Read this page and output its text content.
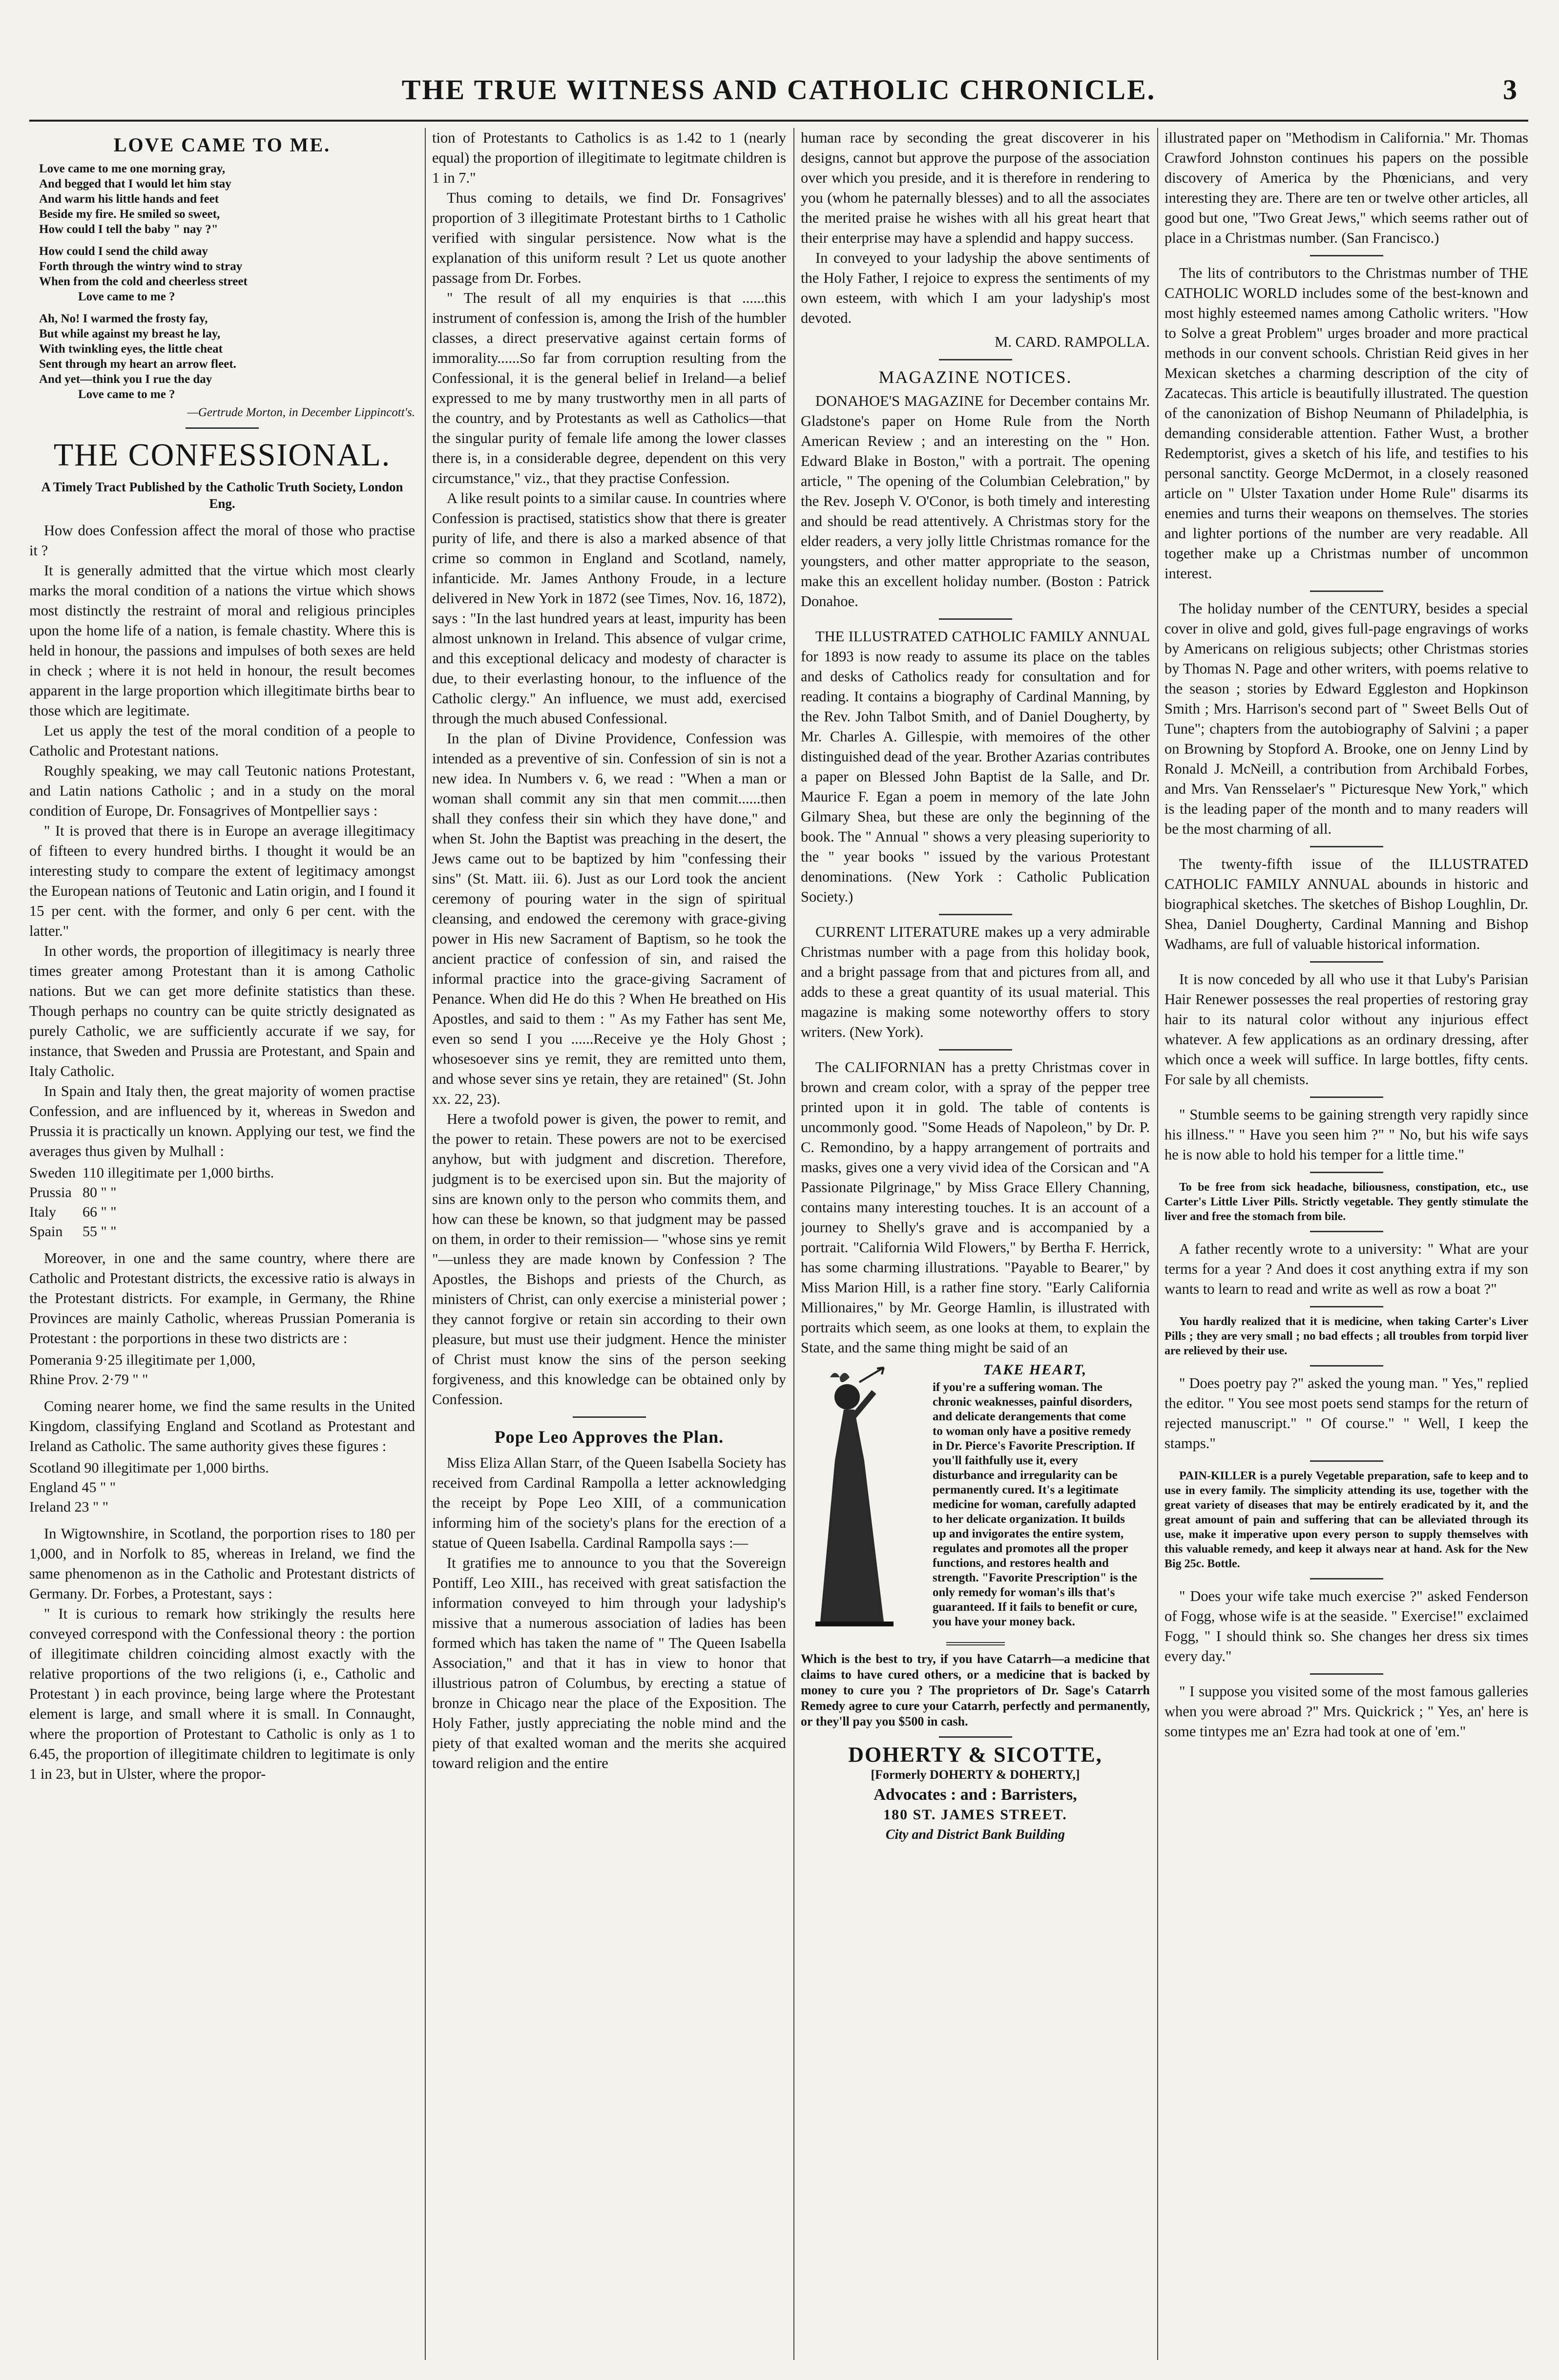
THE TRUE WITNESS AND CATHOLIC CHRONICLE.	3
LOVE CAME TO ME.
Love came to me one morning gray,
And begged that I would let him stay
And warm his little hands and feet
Beside my fire. He smiled so sweet,
How could I tell the baby " nay ?"
How could I send the child away
Forth through the wintry wind to stray
When from the cold and cheerless street
Love came to me ?
Ah, No! I warmed the frosty fay,
But while against my breast he lay,
With twinkling eyes, the little cheat
Sent through my heart an arrow fleet.
And yet—think you I rue the day
Love came to me ?
—Gertrude Morton, in December Lippincott's.
THE CONFESSIONAL.
A Timely Tract Published by the Catholic Truth Society, London Eng.

How does Confession affect the moral of those who practise it ?

It is generally admitted that the virtue which most clearly marks the moral condition of a nations the virtue which shows most distinctly the restraint of moral and religious principles upon the home life of a nation, is female chastity. Where this is held in honour, the passions and impulses of both sexes are held in check ; where it is not held in honour, the result becomes apparent in the large proportion which illegitimate births bear to those which are legitimate.

Let us apply the test of the moral condition of a people to Catholic and Protestant nations.

Roughly speaking, we may call Teutonic nations Protestant, and Latin nations Catholic ; and in a study on the moral condition of Europe, Dr. Fonsagrives of Montpellier says :

" It is proved that there is in Europe an average illegitimacy of fifteen to every hundred births. I thought it would be an interesting study to compare the extent of legitimacy amongst the European nations of Teutonic and Latin origin, and I found it 15 per cent. with the former, and only 6 per cent. with the latter."

In other words, the proportion of illegitimacy is nearly three times greater among Protestant than it is among Catholic nations. But we can get more definite statistics than these. Though perhaps no country can be quite strictly designated as purely Catholic, we are sufficiently accurate if we say, for instance, that Sweden and Prussia are Protestant, and Spain and Italy Catholic.

In Spain and Italy then, the great majority of women practise Confession, and are influenced by it, whereas in Swedon and Prussia it is practically un known. Applying our test, we find the averages thus given by Mulhall :

Sweden	110 illegitimate per 1,000 births.
Prussia	80 " "
Italy	66 " "
Spain	55 " "

Moreover, in one and the same country, where there are Catholic and Protestant districts, the excessive ratio is always in the Protestant districts. For example, in Germany, the Rhine Provinces are mainly Catholic, whereas Prussian Pomerania is Protestant : the porportions in these two districts are :

Pomerania 9·25 illegitimate per 1,000,
Rhine Prov. 2·79 " "

Coming nearer home, we find the same results in the United Kingdom, classifying England and Scotland as Protestant and Ireland as Catholic. The same authority gives these figures :

Scotland 90 illegitimate per 1,000 births.
England 45 " "
Ireland 23 " "

In Wigtownshire, in Scotland, the porportion rises to 180 per 1,000, and in Norfolk to 85, whereas in Ireland, we find the same phenomenon as in the Catholic and Protestant districts of Germany. Dr. Forbes, a Protestant, says :

" It is curious to remark how strikingly the results here conveyed correspond with the Confessional theory : the portion of illegitimate children coinciding almost exactly with the relative proportions of the two religions (i, e., Catholic and Protestant ) in each province, being large where the Protestant element is large, and small where it is small. In Connaught, where the proportion of Protestant to Catholic is only as 1 to 6.45, the proportion of illegitimate children to legitimate is only 1 in 23, but in Ulster, where the propor-

tion of Protestants to Catholics is as 1.42 to 1 (nearly equal) the proportion of illegitimate to legitmate children is 1 in 7."

Thus coming to details, we find Dr. Fonsagrives' proportion of 3 illegitimate Protestant births to 1 Catholic verified with singular persistence. Now what is the explanation of this uniform result ? Let us quote another passage from Dr. Forbes.

" The result of all my enquiries is that ......this instrument of confession is, among the Irish of the humbler classes, a direct preservative against certain forms of immorality......So far from corruption resulting from the Confessional, it is the general belief in Ireland—a belief expressed to me by many trustworthy men in all parts of the country, and by Protestants as well as Catholics—that the singular purity of female life among the lower classes there is, in a considerable degree, dependent on this very circumstance," viz., that they practise Confession.

A like result points to a similar cause. In countries where Confession is practised, statistics show that there is greater purity of life, and there is also a marked absence of that crime so common in England and Scotland, namely, infanticide. Mr. James Anthony Froude, in a lecture delivered in New York in 1872 (see Times, Nov. 16, 1872), says : "In the last hundred years at least, impurity has been almost unknown in Ireland. This absence of vulgar crime, and this exceptional delicacy and modesty of character is due, to their everlasting honour, to the influence of the Catholic clergy." An influence, we must add, exercised through the much abused Confessional.

In the plan of Divine Providence, Confession was intended as a preventive of sin. Confession of sin is not a new idea. In Numbers v. 6, we read : "When a man or woman shall commit any sin that men commit......then shall they confess their sin which they have done," and when St. John the Baptist was preaching in the desert, the Jews came out to be baptized by him "confessing their sins" (St. Matt. iii. 6). Just as our Lord took the ancient ceremony of pouring water in the sign of spiritual cleansing, and endowed the ceremony with grace-giving power in His new Sacrament of Baptism, so he took the ancient practice of confession of sin, and raised the informal practice into the grace-giving Sacrament of Penance. When did He do this ? When He breathed on His Apostles, and said to them : " As my Father has sent Me, even so send I you ......Receive ye the Holy Ghost ; whosesoever sins ye remit, they are remitted unto them, and whose sever sins ye retain, they are retained" (St. John xx. 22, 23).

Here a twofold power is given, the power to remit, and the power to retain. These powers are not to be exercised anyhow, but with judgment and discretion. Therefore, judgment is to be exercised upon sin. But the majority of sins are known only to the person who commits them, and how can these be known, so that judgment may be passed on them, in order to their remission— "whose sins ye remit "—unless they are made known by Confession ? The Apostles, the Bishops and priests of the Church, as ministers of Christ, can only exercise a ministerial power ; they cannot forgive or retain sin according to their own pleasure, but must use their judgment. Hence the minister of Christ must know the sins of the person seeking forgiveness, and this knowledge can be obtained only by Confession.

Pope Leo Approves the Plan.

Miss Eliza Allan Starr, of the Queen Isabella Society has received from Cardinal Rampolla a letter acknowledging the receipt by Pope Leo XIII, of a communication informing him of the society's plans for the erection of a statue of Queen Isabella. Cardinal Rampolla says :—

It gratifies me to announce to you that the Sovereign Pontiff, Leo XIII., has received with great satisfaction the information conveyed to him through your ladyship's missive that a numerous association of ladies has been formed which has taken the name of " The Queen Isabella Association," and that it has in view to honor that illustrious patron of Columbus, by erecting a statue of bronze in Chicago near the place of the Exposition. The Holy Father, justly appreciating the noble mind and the piety of that exalted woman and the merits she acquired toward religion and the entire

human race by seconding the great discoverer in his designs, cannot but approve the purpose of the association over which you preside, and it is therefore in rendering to you (whom he paternally blesses) and to all the associates the merited praise he wishes with all his great heart that their enterprise may have a splendid and happy success.

In conveyed to your ladyship the above sentiments of the Holy Father, I rejoice to express the sentiments of my own esteem, with which I am your ladyship's most devoted.

M. CARD. RAMPOLLA.
MAGAZINE NOTICES.

DONAHOE'S MAGAZINE for December contains Mr. Gladstone's paper on Home Rule from the North American Review ; and an interesting on the " Hon. Edward Blake in Boston," with a portrait. The opening article, " The opening of the Columbian Celebration," by the Rev. Joseph V. O'Conor, is both timely and interesting and should be read attentively. A Christmas story for the elder readers, a very jolly little Christmas romance for the youngsters, and other matter appropriate to the season, make this an excellent holiday number. (Boston : Patrick Donahoe.

THE ILLUSTRATED CATHOLIC FAMILY ANNUAL for 1893 is now ready to assume its place on the tables and desks of Catholics ready for consultation and for reading. It contains a biography of Cardinal Manning, by the Rev. John Talbot Smith, and of Daniel Dougherty, by Mr. Charles A. Gillespie, with memoires of the other distinguished dead of the year. Brother Azarias contributes a paper on Blessed John Baptist de la Salle, and Dr. Maurice F. Egan a poem in memory of the late John Gilmary Shea, but these are only the beginning of the book. The " Annual " shows a very pleasing superiority to the " year books " issued by the various Protestant denominations. (New York : Catholic Publication Society.)

CURRENT LITERATURE makes up a very admirable Christmas number with a page from this holiday book, and a bright passage from that and pictures from all, and adds to these a great quantity of its usual material. This magazine is making some noteworthy offers to story writers. (New York).

The CALIFORNIAN has a pretty Christmas cover in brown and cream color, with a spray of the pepper tree printed upon it in gold. The table of contents is uncommonly good. "Some Heads of Napoleon," by Dr. P. C. Remondino, by a happy arrangement of portraits and masks, gives one a very vivid idea of the Corsican and "A Passionate Pilgrinage," by Miss Grace Ellery Channing, contains many interesting touches. It is an account of a journey to Shelly's grave and is accompanied by a portrait. "California Wild Flowers," by Bertha F. Herrick, has some charming illustrations. "Payable to Bearer," by Miss Marion Hill, is a rather fine story. "Early California Millionaires," by Mr. George Hamlin, is illustrated with portraits which seem, as one looks at them, to explain the State, and the same thing might be said of an

TAKE HEART,
if you're a suffering woman. The chronic weaknesses, painful disorders, and delicate derangements that come to woman only have a positive remedy in Dr. Pierce's Favorite Prescription. If you'll faithfully use it, every disturbance and irregularity can be permanently cured. It's a legitimate medicine for woman, carefully adapted to her delicate organization. It builds up and invigorates the entire system, regulates and promotes all the proper functions, and restores health and strength. "Favorite Prescription" is the only remedy for woman's ills that's guaranteed. If it fails to benefit or cure, you have your money back.
Which is the best to try, if you have Catarrh—a medicine that claims to have cured others, or a medicine that is backed by money to cure you ? The proprietors of Dr. Sage's Catarrh Remedy agree to cure your Catarrh, perfectly and permanently, or they'll pay you $500 in cash.
DOHERTY & SICOTTE,
[Formerly DOHERTY & DOHERTY,]
Advocates : and : Barristers,
180 ST. JAMES STREET.
City and District Bank Building

illustrated paper on "Methodism in California." Mr. Thomas Crawford Johnston continues his papers on the possible discovery of America by the Phœnicians, and very interesting they are. There are ten or twelve other articles, all good but one, "Two Great Jews," which seems rather out of place in a Christmas number. (San Francisco.)

The lits of contributors to the Christmas number of THE CATHOLIC WORLD includes some of the best-known and most highly esteemed names among Catholic writers. "How to Solve a great Problem" urges broader and more practical methods in our convent schools. Christian Reid gives in her Mexican sketches a charming description of the city of Zacatecas. This article is beautifully illustrated. The question of the canonization of Bishop Neumann of Philadelphia, is demanding considerable attention. Father Wust, a brother Redemptorist, gives a sketch of his life, and testifies to his personal sanctity. George McDermot, in a closely reasoned article on " Ulster Taxation under Home Rule" disarms its enemies and turns their weapons on themselves. The stories and lighter portions of the number are very readable. All together make up a Christmas number of uncommon interest.

The holiday number of the CENTURY, besides a special cover in olive and gold, gives full-page engravings of works by Americans on religious subjects; other Christmas stories by Thomas N. Page and other writers, with poems relative to the season ; stories by Edward Eggleston and Hopkinson Smith ; Mrs. Harrison's second part of " Sweet Bells Out of Tune"; chapters from the autobiography of Salvini ; a paper on Browning by Stopford A. Brooke, one on Jenny Lind by Ronald J. McNeill, a contribution from Archibald Forbes, and Mrs. Van Rensselaer's " Picturesque New York," which is the leading paper of the month and to many readers will be the most charming of all.

The twenty-fifth issue of the ILLUSTRATED CATHOLIC FAMILY ANNUAL abounds in historic and biographical sketches. The sketches of Bishop Loughlin, Dr. Shea, Daniel Dougherty, Cardinal Manning and Bishop Wadhams, are full of valuable historical information.

It is now conceded by all who use it that Luby's Parisian Hair Renewer possesses the real properties of restoring gray hair to its natural color without any injurious effect whatever. A few applications as an ordinary dressing, after which once a week will suffice. In large bottles, fifty cents. For sale by all chemists.

" Stumble seems to be gaining strength very rapidly since his illness." " Have you seen him ?" " No, but his wife says he is now able to hold his temper for a little time."

To be free from sick headache, biliousness, constipation, etc., use Carter's Little Liver Pills. Strictly vegetable. They gently stimulate the liver and free the stomach from bile.

A father recently wrote to a university: " What are your terms for a year ? And does it cost anything extra if my son wants to learn to read and write as well as row a boat ?"

You hardly realized that it is medicine, when taking Carter's Liver Pills ; they are very small ; no bad effects ; all troubles from torpid liver are relieved by their use.

" Does poetry pay ?" asked the young man. " Yes," replied the editor. " You see most poets send stamps for the return of rejected manuscript." " Of course." " Well, I keep the stamps."

PAIN-KILLER is a purely Vegetable preparation, safe to keep and to use in every family. The simplicity attending its use, together with the great variety of diseases that may be entirely eradicated by it, and the great amount of pain and suffering that can be alleviated through its use, make it imperative upon every person to supply themselves with this valuable remedy, and keep it always near at hand. Ask for the New Big 25c. Bottle.

" Does your wife take much exercise ?" asked Fenderson of Fogg, whose wife is at the seaside. " Exercise!" exclaimed Fogg, " I should think so. She changes her dress six times every day."

" I suppose you visited some of the most famous galleries when you were abroad ?" Mrs. Quickrick ; " Yes, an' here is some tintypes me an' Ezra had took at one of 'em."
